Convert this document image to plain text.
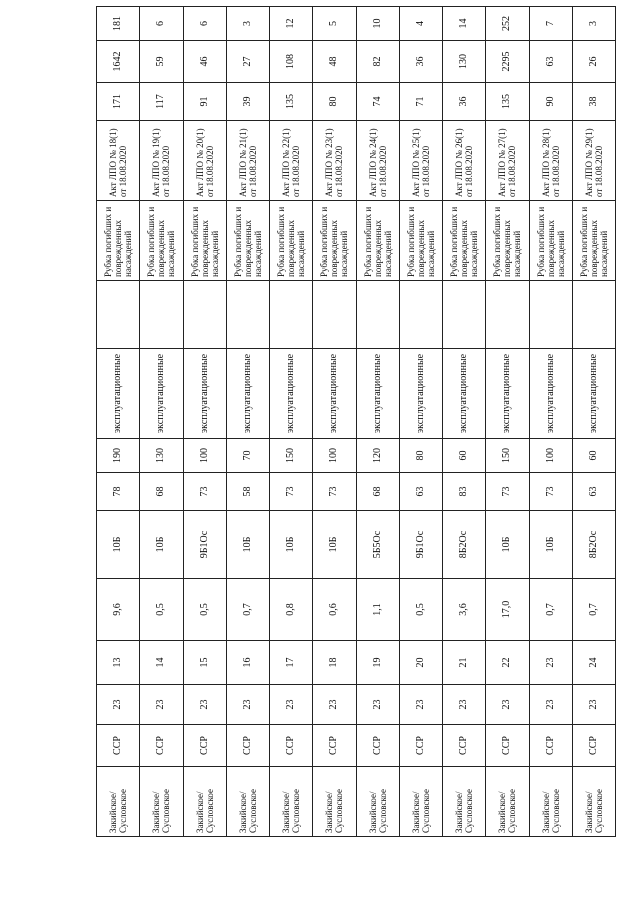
Закийское/ Сусловское	ССР	23	13	9,6	10Б	78	190	эксплуатационные		Рубка погибших и поврежденных насаждений	Акт ЛПО № 18(1) от 18.08.2020	171	1642	181
Закийское/ Сусловское	ССР	23	14	0,5	10Б	68	130	эксплуатационные		Рубка погибших и поврежденных насаждений	Акт ЛПО № 19(1) от 18.08.2020	117	59	6
Закийское/ Сусловское	ССР	23	15	0,5	9Б1Ос	73	100	эксплуатационные		Рубка погибших и поврежденных насаждений	Акт ЛПО № 20(1) от 18.08.2020	91	46	6
Закийское/ Сусловское	ССР	23	16	0,7	10Б	58	70	эксплуатационные		Рубка погибших и поврежденных насаждений	Акт ЛПО № 21(1) от 18.08.2020	39	27	3
Закийское/ Сусловское	ССР	23	17	0,8	10Б	73	150	эксплуатационные		Рубка погибших и поврежденных насаждений	Акт ЛПО № 22(1) от 18.08.2020	135	108	12
Закийское/ Сусловское	ССР	23	18	0,6	10Б	73	100	эксплуатационные		Рубка погибших и поврежденных насаждений	Акт ЛПО № 23(1) от 18.08.2020	80	48	5
Закийское/ Сусловское	ССР	23	19	1,1	5Б5Ос	68	120	эксплуатационные		Рубка погибших и поврежденных насаждений	Акт ЛПО № 24(1) от 18.08.2020	74	82	10
Закийское/ Сусловское	ССР	23	20	0,5	9Б1Ос	63	80	эксплуатационные		Рубка погибших и поврежденных насаждений	Акт ЛПО № 25(1) от 18.08.2020	71	36	4
Закийское/ Сусловское	ССР	23	21	3,6	8Б2Ос	83	60	эксплуатационные		Рубка погибших и поврежденных насаждений	Акт ЛПО № 26(1) от 18.08.2020	36	130	14
Закийское/ Сусловское	ССР	23	22	17,0	10Б	73	150	эксплуатационные		Рубка погибших и поврежденных насаждений	Акт ЛПО № 27(1) от 18.08.2020	135	2295	252
Закийское/ Сусловское	ССР	23	23	0,7	10Б	73	100	эксплуатационные		Рубка погибших и поврежденных насаждений	Акт ЛПО № 28(1) от 18.08.2020	90	63	7
Закийское/ Сусловское	ССР	23	24	0,7	8Б2Ос	63	60	эксплуатационные		Рубка погибших и поврежденных насаждений	Акт ЛПО № 29(1) от 18.08.2020	38	26	3
